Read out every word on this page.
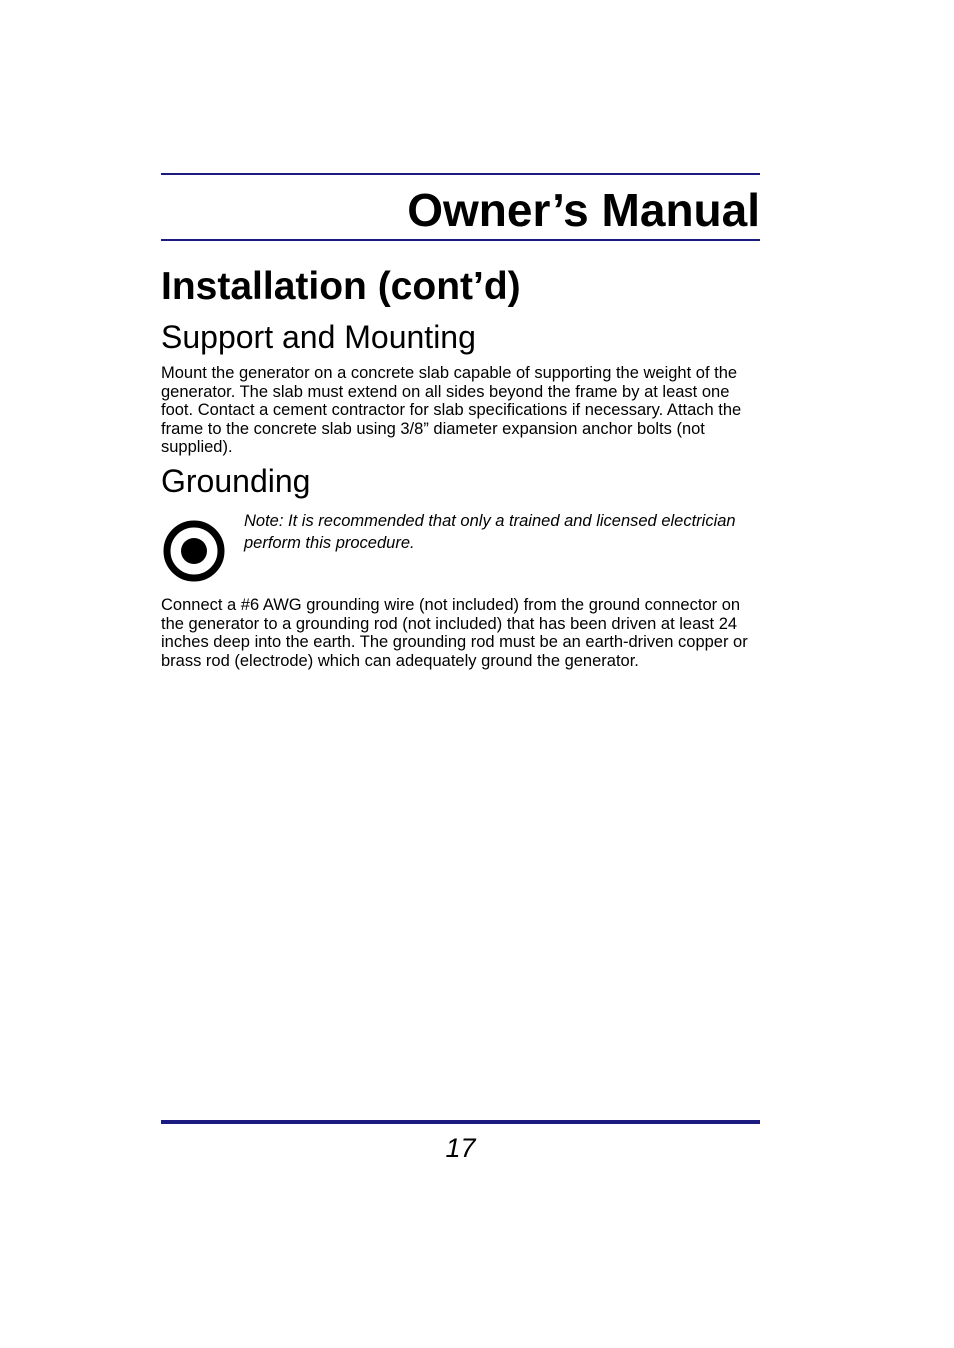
Owner’s Manual
Installation (cont’d)
Support and Mounting

Mount the generator on a concrete slab capable of supporting the weight of the generator. The slab must extend on all sides beyond the frame by at least one foot. Contact a cement contractor for slab specifications if necessary. Attach the frame to the concrete slab using 3/8” diameter expansion anchor bolts (not supplied).

Grounding

Note: It is recommended that only a trained and licensed electrician perform this procedure.

Connect a #6 AWG grounding wire (not included) from the ground connector on the generator to a grounding rod (not included) that has been driven at least 24 inches deep into the earth. The grounding rod must be an earth-driven copper or brass rod (electrode) which can adequately ground the generator.

17
